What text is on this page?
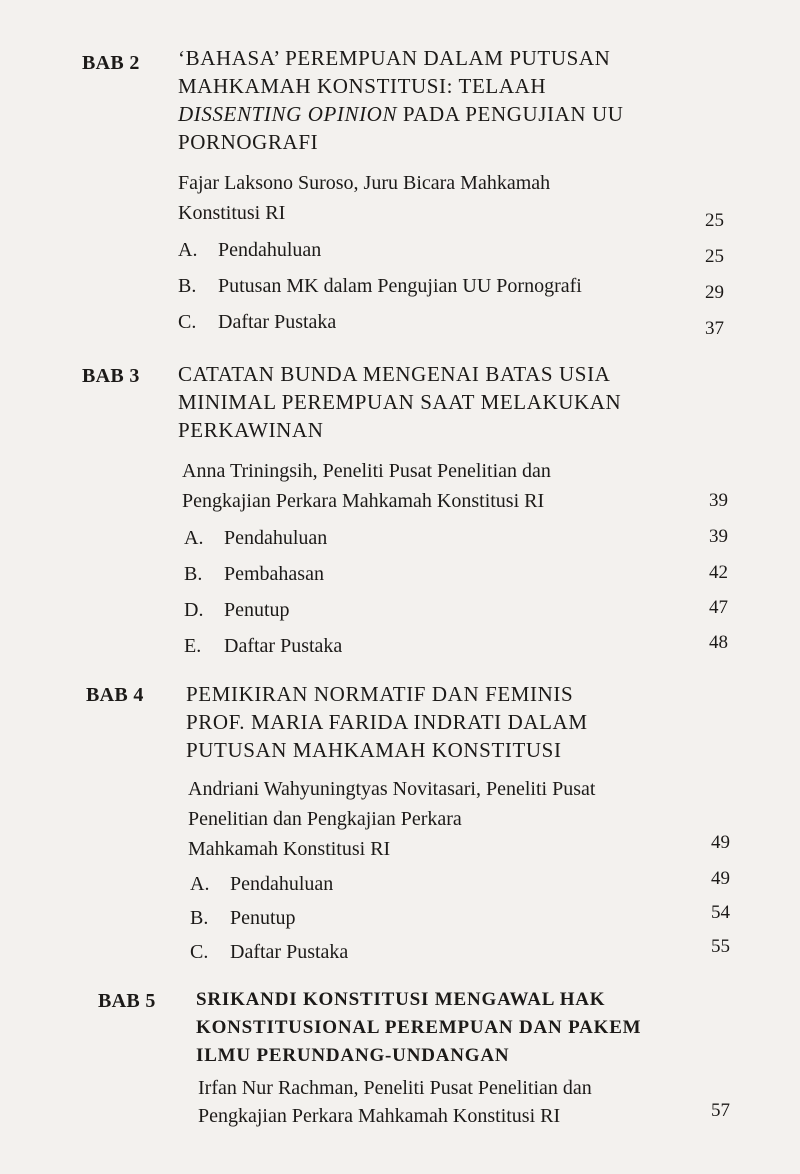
BAB 2 ‘BAHASA’ PEREMPUAN DALAM PUTUSAN
MAHKAMAH KONSTITUSI: TELAAH
DISSENTING OPINION PADA PENGUJIAN UU
PORNOGRAFI
Fajar Laksono Suroso, Juru Bicara Mahkamah
Konstitusi RI	25
A. Pendahuluan	25
B. Putusan MK dalam Pengujian UU Pornografi	29
C. Daftar Pustaka	37
BAB 3 CATATAN BUNDA MENGENAI BATAS USIA
MINIMAL PEREMPUAN SAAT MELAKUKAN
PERKAWINAN
Anna Triningsih, Peneliti Pusat Penelitian dan
Pengkajian Perkara Mahkamah Konstitusi RI	39
A. Pendahuluan	39
B. Pembahasan	42
D. Penutup	47
E. Daftar Pustaka	48
BAB 4 PEMIKIRAN NORMATIF DAN FEMINIS
PROF. MARIA FARIDA INDRATI DALAM
PUTUSAN MAHKAMAH KONSTITUSI
Andriani Wahyuningtyas Novitasari, Peneliti Pusat
Penelitian dan Pengkajian Perkara
Mahkamah Konstitusi RI	49
A. Pendahuluan	49
B. Penutup	54
C. Daftar Pustaka	55
BAB 5 SRIKANDI KONSTITUSI MENGAWAL HAK
KONSTITUSIONAL PEREMPUAN DAN PAKEM
ILMU PERUNDANG-UNDANGAN
Irfan Nur Rachman, Peneliti Pusat Penelitian dan
Pengkajian Perkara Mahkamah Konstitusi RI	57
